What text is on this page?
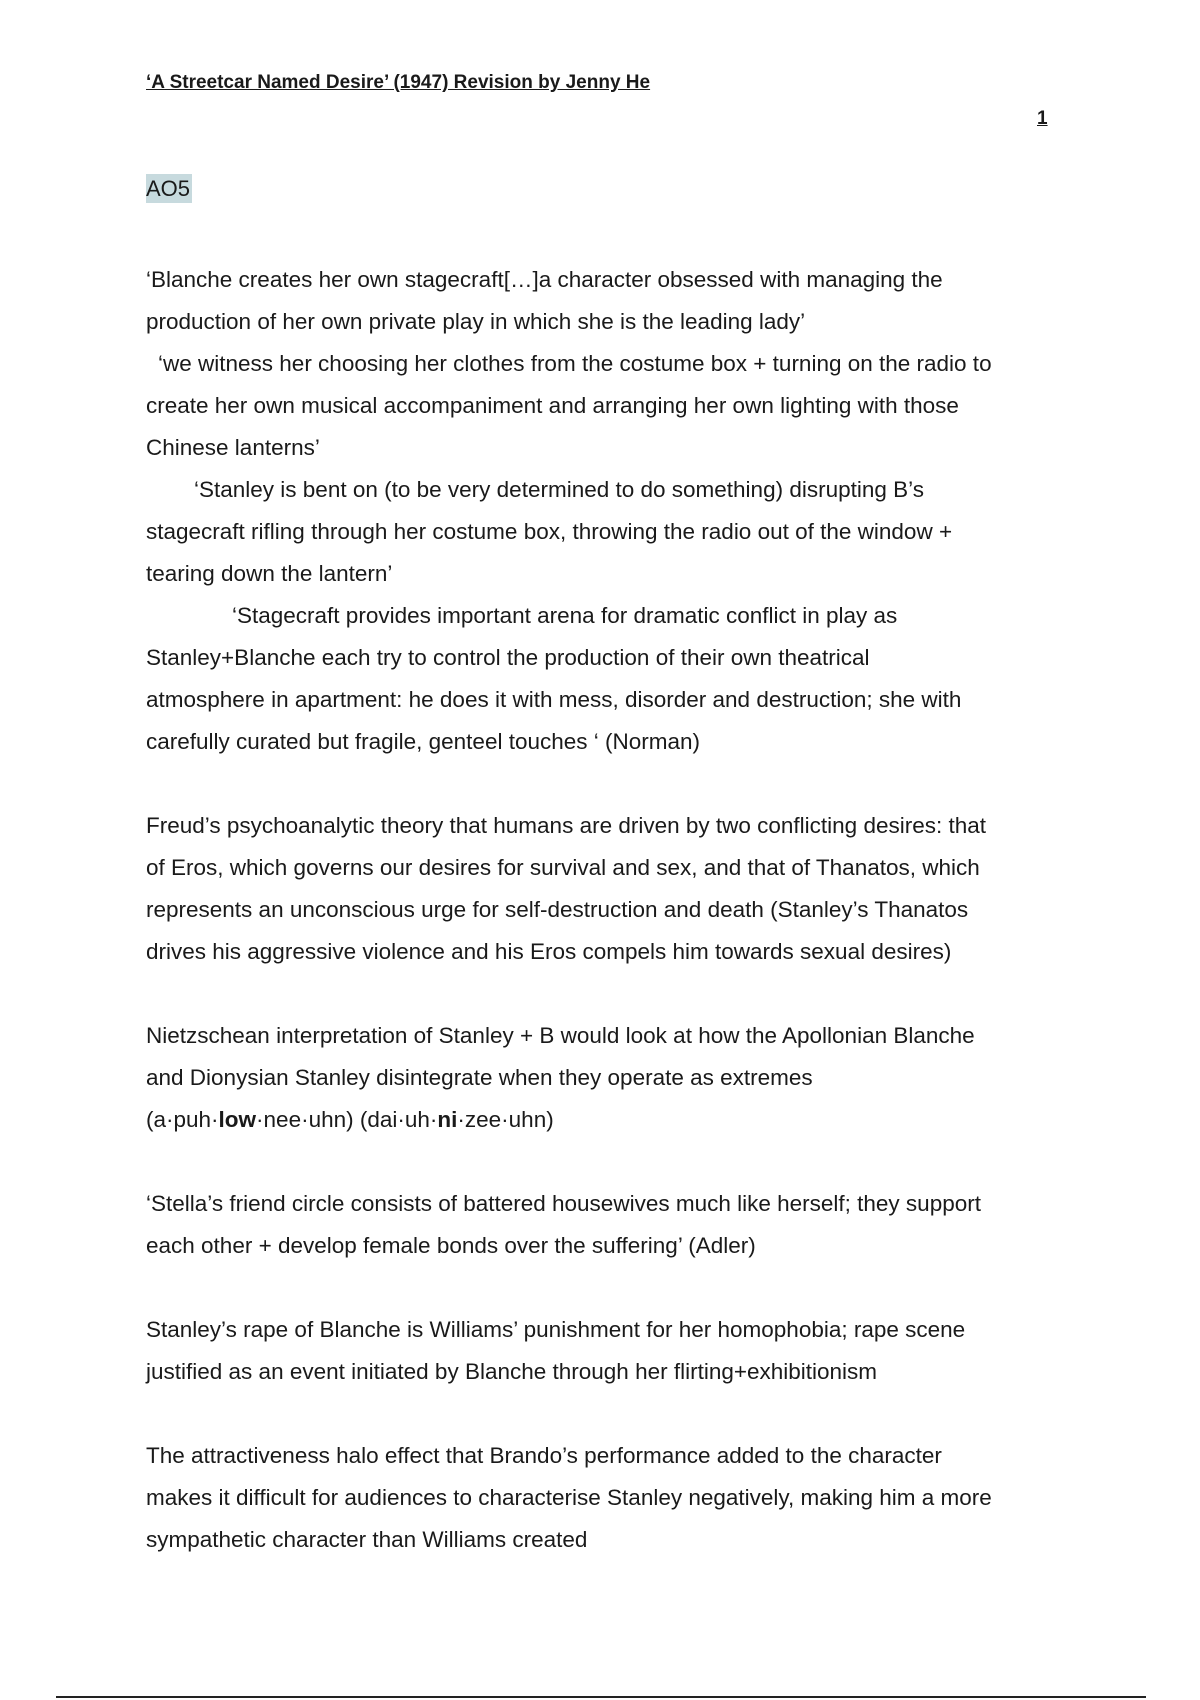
‘A Streetcar Named Desire’ (1947) Revision by Jenny He
1
AO5

‘Blanche creates her own stagecraft[…]a character obsessed with managing the

production of her own private play in which she is the leading lady’

‘we witness her choosing her clothes from the costume box + turning on the radio to

create her own musical accompaniment and arranging her own lighting with those

Chinese lanterns’

‘Stanley is bent on (to be very determined to do something) disrupting B’s

stagecraft rifling through her costume box, throwing the radio out of the window +

tearing down the lantern’

‘Stagecraft provides important arena for dramatic conflict in play as

Stanley+Blanche each try to control the production of their own theatrical

atmosphere in apartment: he does it with mess, disorder and destruction; she with

carefully curated but fragile, genteel touches ‘ (Norman)

Freud’s psychoanalytic theory that humans are driven by two conflicting desires: that

of Eros, which governs our desires for survival and sex, and that of Thanatos, which

represents an unconscious urge for self-destruction and death (Stanley’s Thanatos

drives his aggressive violence and his Eros compels him towards sexual desires)

Nietzschean interpretation of Stanley + B would look at how the Apollonian Blanche

and Dionysian Stanley disintegrate when they operate as extremes

(a·puh·low·nee·uhn) (dai·uh·ni·zee·uhn)

‘Stella’s friend circle consists of battered housewives much like herself; they support

each other + develop female bonds over the suffering’ (Adler)

Stanley’s rape of Blanche is Williams’ punishment for her homophobia; rape scene

justified as an event initiated by Blanche through her flirting+exhibitionism

The attractiveness halo effect that Brando’s performance added to the character

makes it difficult for audiences to characterise Stanley negatively, making him a more

sympathetic character than Williams created
